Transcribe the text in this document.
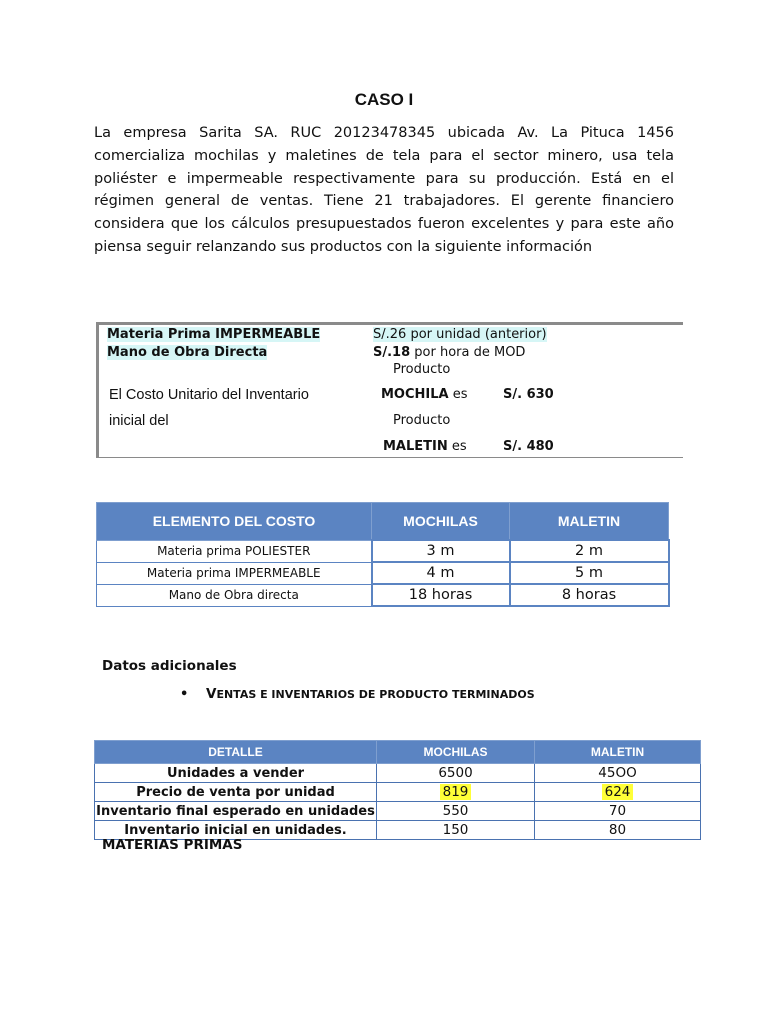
CASO I

La empresa Sarita SA. RUC 20123478345 ubicada Av. La Pituca 1456 comercializa mochilas y maletines de tela para el sector minero, usa tela poliéster e impermeable respectivamente para su producción. Está en el régimen general de ventas. Tiene 21 trabajadores. El gerente financiero considera que los cálculos presupuestados fueron excelentes y para este año piensa seguir relanzando sus productos con la siguiente información

Materia Prima IMPERMEABLE	S/.26 por unidad (anterior)
Mano de Obra Directa	S/.18 por hora de MOD
Producto
El Costo Unitario del Inventario	MOCHILA es	S/. 630
inicial del	Producto
MALETIN es	S/. 480
ELEMENTO DEL COSTO	MOCHILAS	MALETIN
Materia prima POLIESTER	3 m	2 m
Materia prima IMPERMEABLE	4 m	5 m
Mano de Obra directa	18 horas	8 horas
Datos adicionales
• VENTAS E INVENTARIOS DE PRODUCTO TERMINADOS
DETALLE	MOCHILAS	MALETIN
Unidades a vender	6500	45OO
Precio de venta por unidad	819	624
Inventario final esperado en unidades	550	70
Inventario inicial en unidades.	150	80
MATERIAS PRIMAS
